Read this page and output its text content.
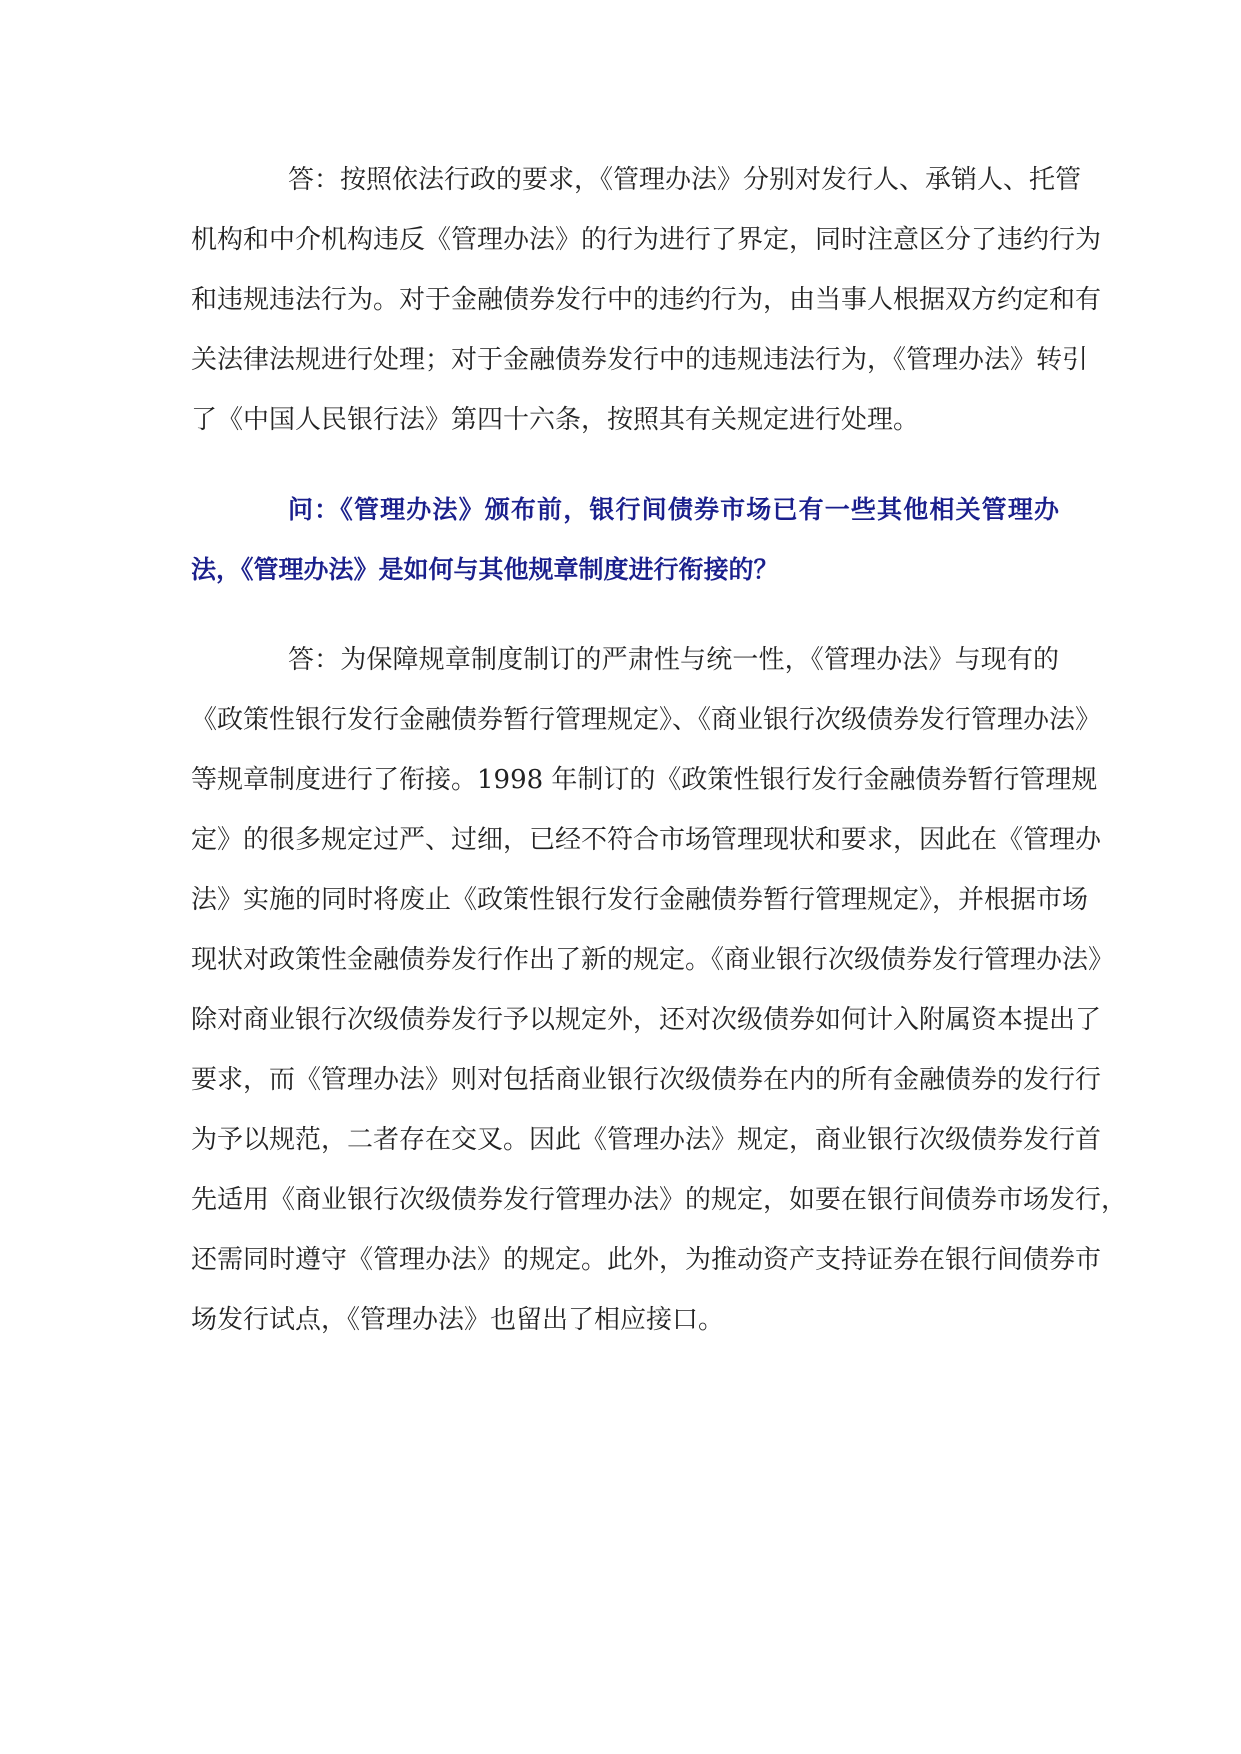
答：按照依法行政的要求，《管理办法》分别对发行人、承销人、托管
机构和中介机构违反《管理办法》的行为进行了界定，同时注意区分了违约行为
和违规违法行为。对于金融债券发行中的违约行为，由当事人根据双方约定和有
关法律法规进行处理；对于金融债券发行中的违规违法行为，《管理办法》转引
了《中国人民银行法》第四十六条，按照其有关规定进行处理。
问：《管理办法》颁布前，银行间债券市场已有一些其他相关管理办
法，《管理办法》是如何与其他规章制度进行衔接的？
答：为保障规章制度制订的严肃性与统一性，《管理办法》与现有的
《政策性银行发行金融债券暂行管理规定》、《商业银行次级债券发行管理办法》
等规章制度进行了衔接。1998 年制订的《政策性银行发行金融债券暂行管理规
定》的很多规定过严、过细，已经不符合市场管理现状和要求，因此在《管理办
法》实施的同时将废止《政策性银行发行金融债券暂行管理规定》，并根据市场
现状对政策性金融债券发行作出了新的规定。《商业银行次级债券发行管理办法》
除对商业银行次级债券发行予以规定外，还对次级债券如何计入附属资本提出了
要求，而《管理办法》则对包括商业银行次级债券在内的所有金融债券的发行行
为予以规范，二者存在交叉。因此《管理办法》规定，商业银行次级债券发行首
先适用《商业银行次级债券发行管理办法》的规定，如要在银行间债券市场发行，
还需同时遵守《管理办法》的规定。此外，为推动资产支持证券在银行间债券市
场发行试点，《管理办法》也留出了相应接口。
